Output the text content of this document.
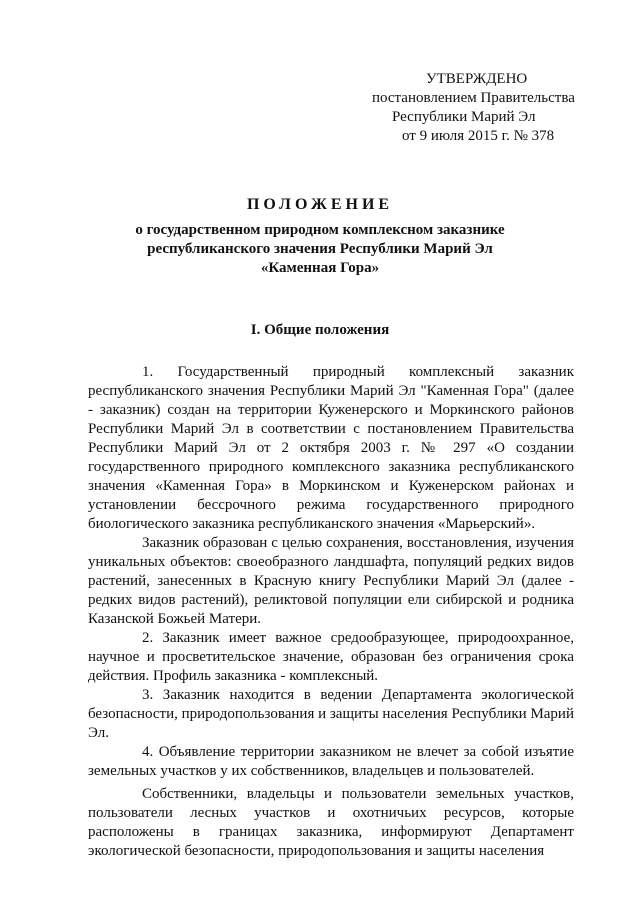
УТВЕРЖДЕНО
постановлением Правительства
Республики Марий Эл
от 9 июля 2015 г. № 378
ПОЛОЖЕНИЕ
о государственном природном комплексном заказнике
республиканского значения Республики Марий Эл
«Каменная Гора»
I. Общие положения

1. Государственный природный комплексный заказник республиканского значения Республики Марий Эл "Каменная Гора" (далее - заказник) создан на территории Куженерского и Моркинского районов Республики Марий Эл в соответствии с постановлением Правительства Республики Марий Эл от 2 октября 2003 г. № 297 «О создании государственного природного комплексного заказника республиканского значения «Каменная Гора» в Моркинском и Куженерском районах и установлении бессрочного режима государственного природного биологического заказника республиканского значения «Марьерский».

Заказник образован с целью сохранения, восстановления, изучения уникальных объектов: своеобразного ландшафта, популяций редких видов растений, занесенных в Красную книгу Республики Марий Эл (далее - редких видов растений), реликтовой популяции ели сибирской и родника Казанской Божьей Матери.

2. Заказник имеет важное средообразующее, природоохранное, научное и просветительское значение, образован без ограничения срока действия. Профиль заказника - комплексный.

3. Заказник находится в ведении Департамента экологической безопасности, природопользования и защиты населения Республики Марий Эл.

4. Объявление территории заказником не влечет за собой изъятие земельных участков у их собственников, владельцев и пользователей.

Собственники, владельцы и пользователи земельных участков, пользователи лесных участков и охотничьих ресурсов, которые расположены в границах заказника, информируют Департамент экологической безопасности, природопользования и защиты населения
